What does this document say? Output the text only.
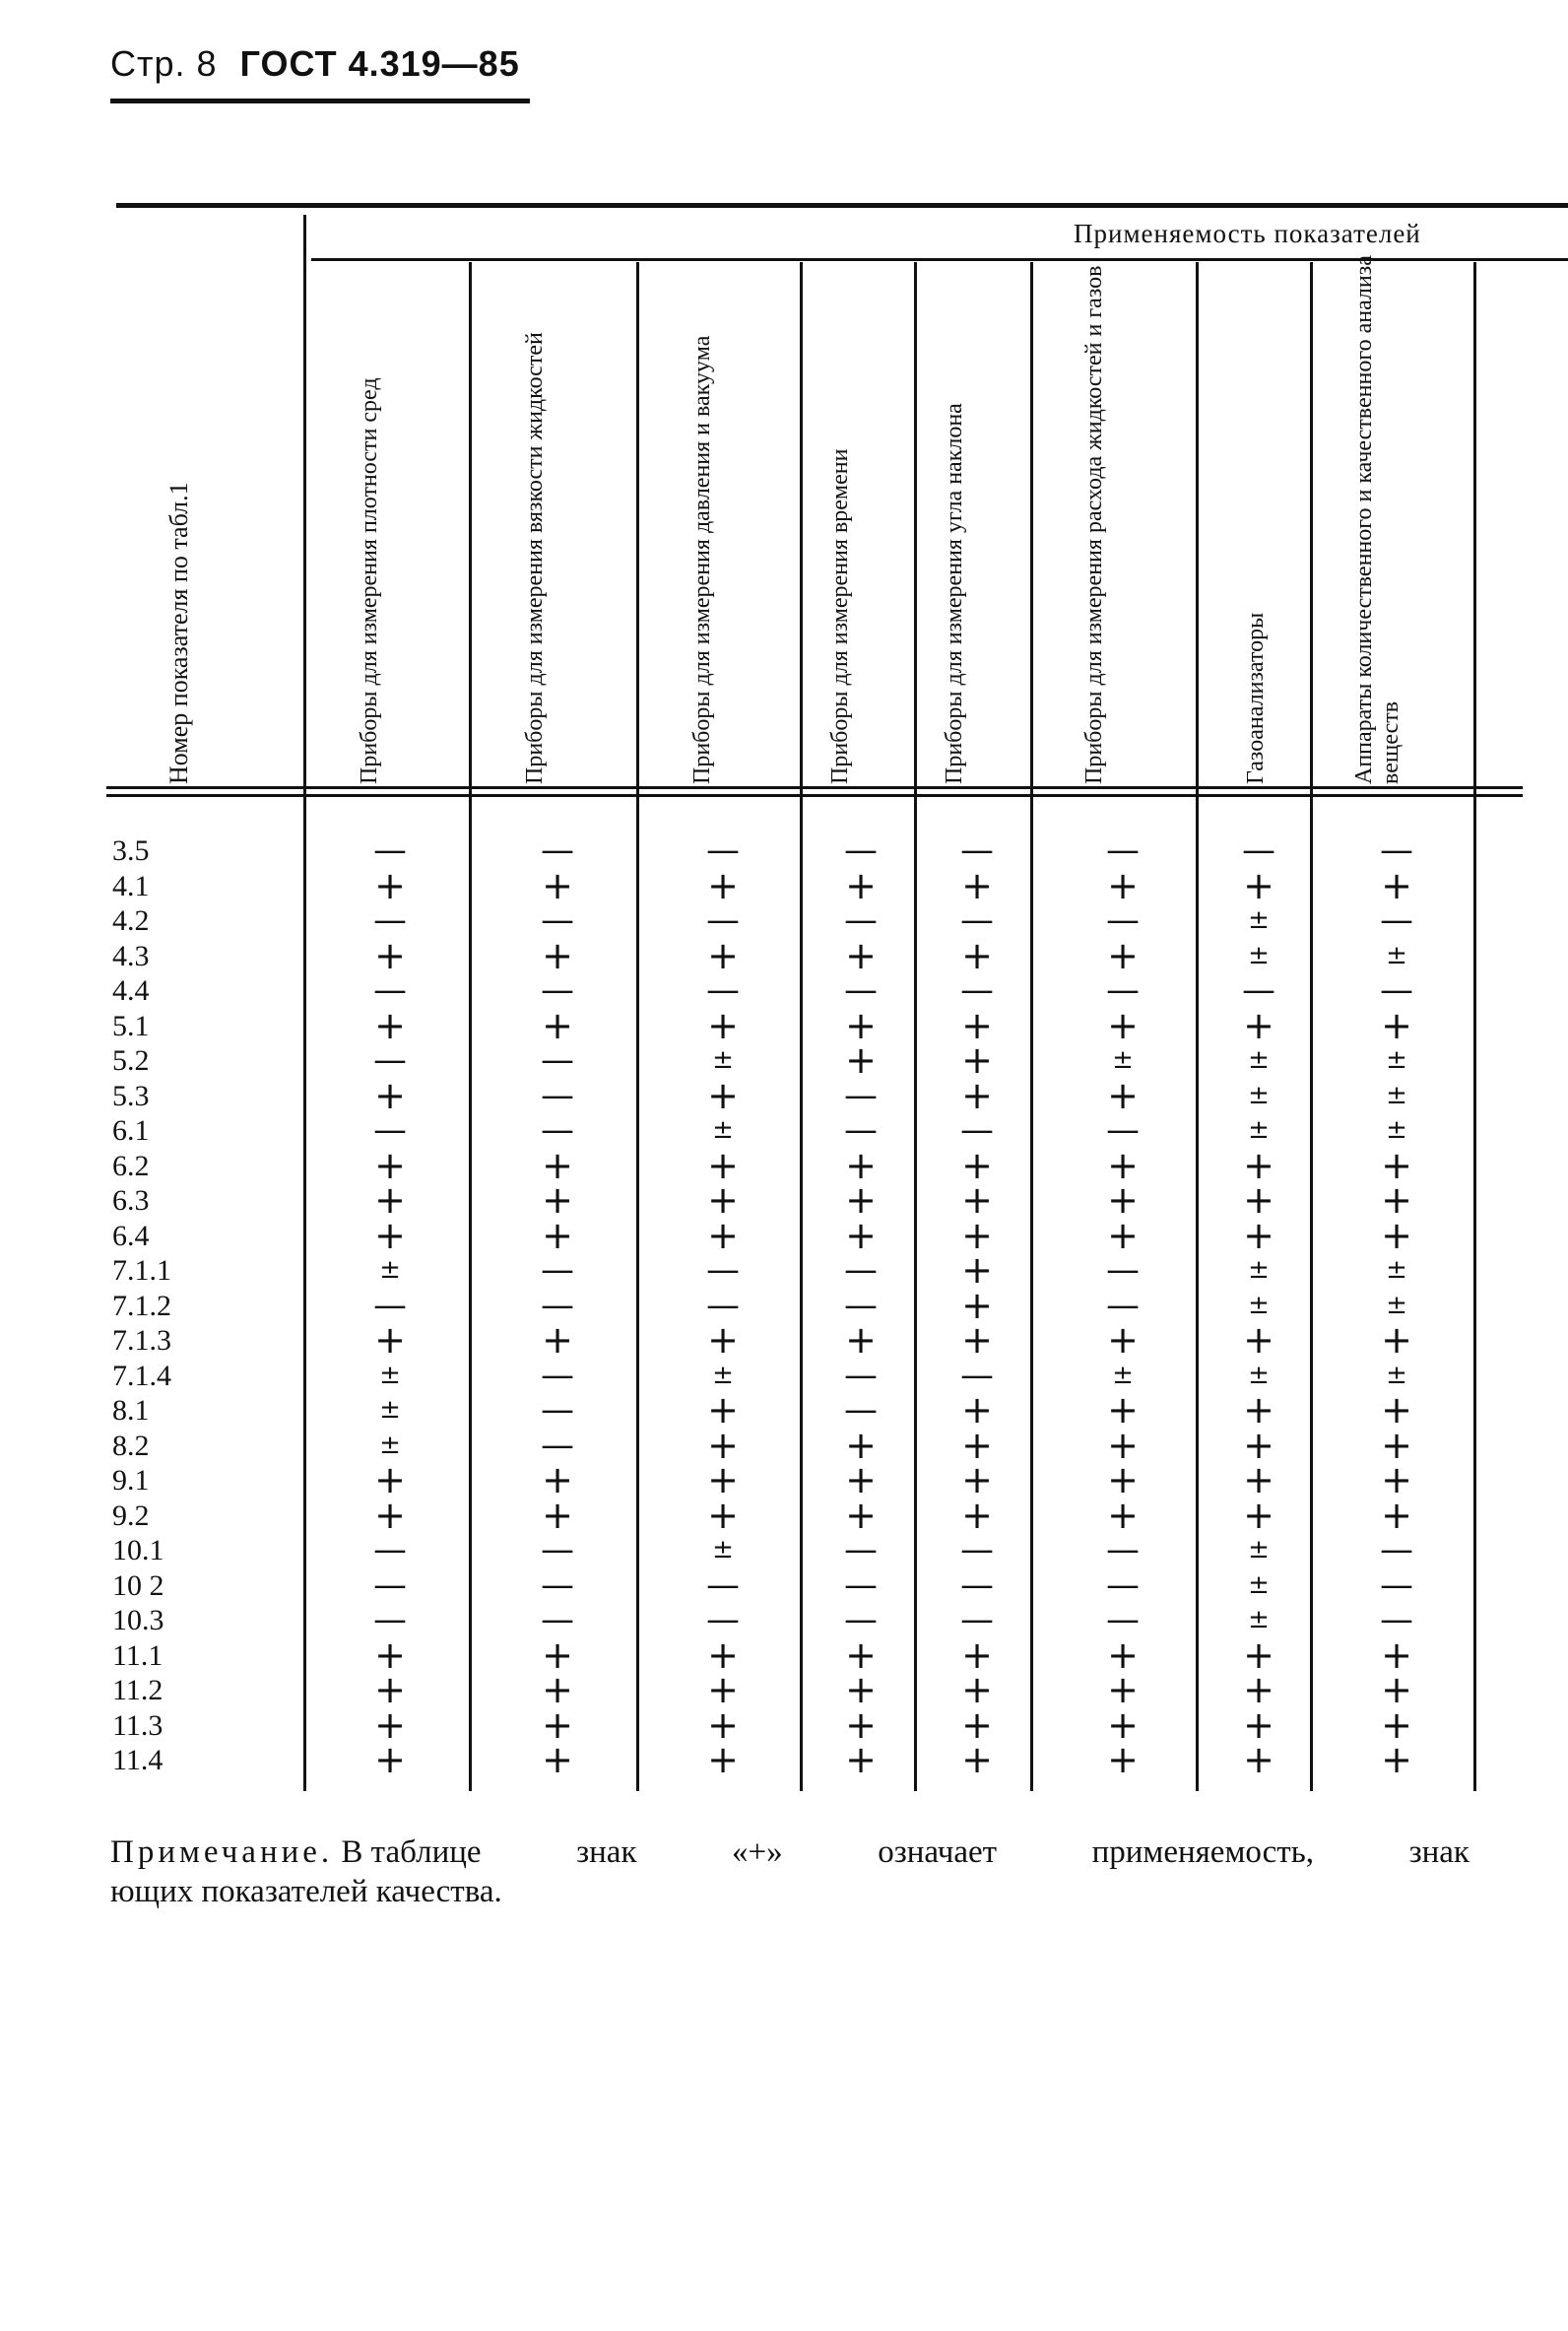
Стр. 8 ГОСТ 4.319—85
Применяемость показателей
Номер показателя по табл.1	Приборы для измерения плотности сред	Приборы для измерения вязкости жидкостей	Приборы для измерения давления и вакуума	Приборы для измерения времени	Приборы для измерения угла наклона	Приборы для измерения расхода жидкостей и газов	Газоанализаторы	Аппараты количественного и качественного анализа веществ
3.5	—	—	—	—	—	—	—	—
4.1	+	+	+	+	+	+	+	+
4.2	—	—	—	—	—	—	±	—
4.3	+	+	+	+	+	+	±	±
4.4	—	—	—	—	—	—	—	—
5.1	+	+	+	+	+	+	+	+
5.2	—	—	±	+	+	±	±	±
5.3	+	—	+	—	+	+	±	±
6.1	—	—	±	—	—	—	±	±
6.2	+	+	+	+	+	+	+	+
6.3	+	+	+	+	+	+	+	+
6.4	+	+	+	+	+	+	+	+
7.1.1	±	—	—	—	+	—	±	±
7.1.2	—	—	—	—	+	—	±	±
7.1.3	+	+	+	+	+	+	+	+
7.1.4	±	—	±	—	—	±	±	±
8.1	±	—	+	—	+	+	+	+
8.2	±	—	+	+	+	+	+	+
9.1	+	+	+	+	+	+	+	+
9.2	+	+	+	+	+	+	+	+
10.1	—	—	±	—	—	—	±	—
10 2	—	—	—	—	—	—	±	—
10.3	—	—	—	—	—	—	±	—
11.1	+	+	+	+	+	+	+	+
11.2	+	+	+	+	+	+	+	+
11.3	+	+	+	+	+	+	+	+
11.4	+	+	+	+	+	+	+	+
Примечание. В таблице	знак	«+»	означает	применяемость,	знак
ющих показателей качества.
